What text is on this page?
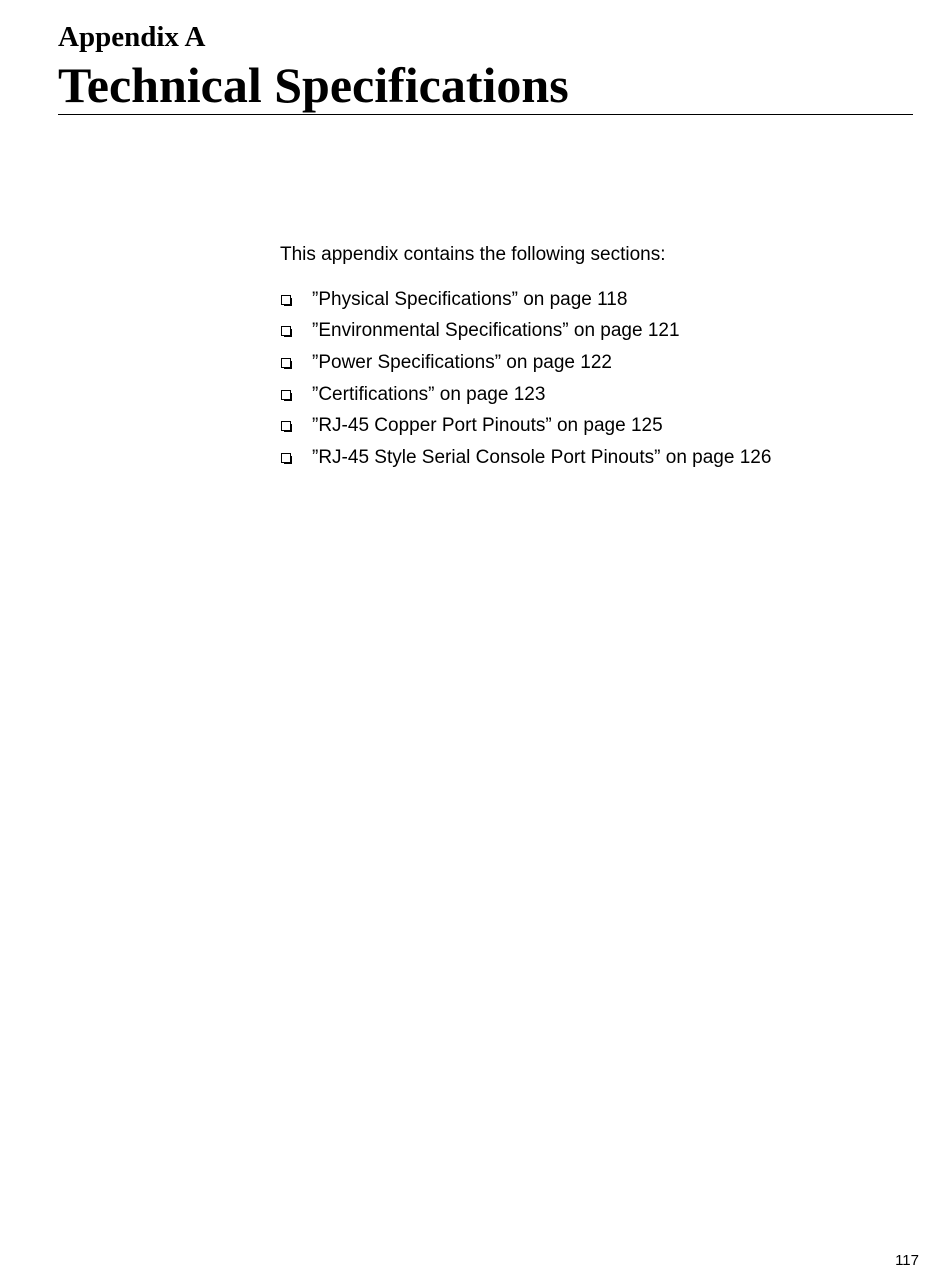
Appendix A
Technical Specifications

This appendix contains the following sections:

”Physical Specifications” on page 118
”Environmental Specifications” on page 121
”Power Specifications” on page 122
”Certifications” on page 123
”RJ-45 Copper Port Pinouts” on page 125
”RJ-45 Style Serial Console Port Pinouts” on page 126
117
